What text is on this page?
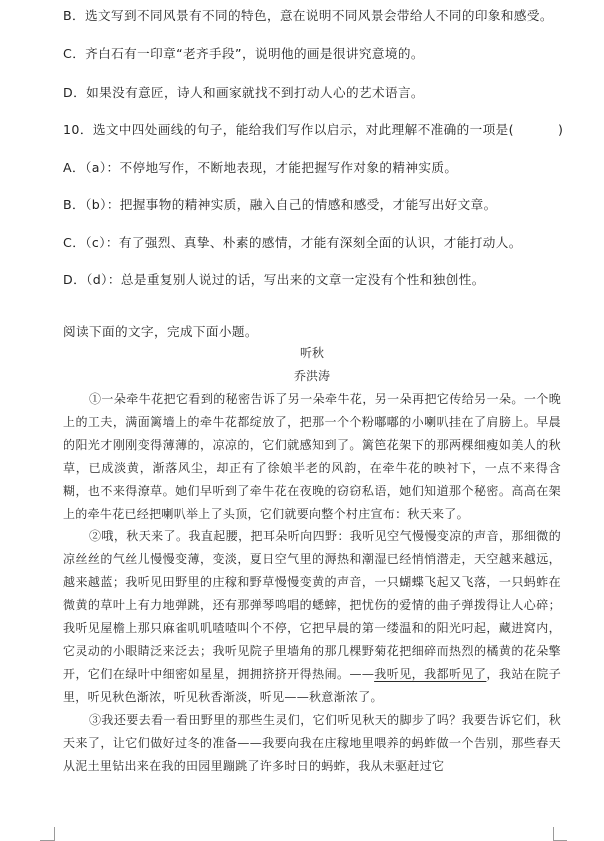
B．选文写到不同风景有不同的特色，意在说明不同风景会带给人不同的印象和感受。
C．齐白石有一印章“老齐手段”，说明他的画是很讲究意境的。
D．如果没有意匠，诗人和画家就找不到打动人心的艺术语言。
10．选文中四处画线的句子，能给我们写作以启示，对此理解不准确的一项是(	)
A．（a）：不停地写作，不断地表现，才能把握写作对象的精神实质。
B．（b）：把握事物的精神实质，融入自己的情感和感受，才能写出好文章。
C．（c）：有了强烈、真挚、朴素的感情，才能有深刻全面的认识，才能打动人。
D．（d）：总是重复别人说过的话，写出来的文章一定没有个性和独创性。
阅读下面的文字，完成下面小题。
听秋
乔洪涛

①一朵牵牛花把它看到的秘密告诉了另一朵牵牛花，另一朵再把它传给另一朵。一个晚上的工夫，满面篱墙上的牵牛花都绽放了，把那一个个粉嘟嘟的小喇叭挂在了肩膀上。早晨的阳光才刚刚变得薄薄的，凉凉的，它们就感知到了。篱笆花架下的那两棵细瘦如美人的秋草，已成淡黄，渐落风尘，却正有了徐娘半老的风韵，在牵牛花的映衬下，一点不来得含糊，也不来得潦草。她们早听到了牵牛花在夜晚的窃窃私语，她们知道那个秘密。高高在架上的牵牛花已经把喇叭举上了头顶，它们就要向整个村庄宣布：秋天来了。

②哦，秋天来了。我直起腰，把耳朵听向四野：我听见空气慢慢变凉的声音，那细微的凉丝丝的气丝儿慢慢变薄，变淡，夏日空气里的溽热和潮湿已经悄悄潜走，天空越来越远，越来越蓝；我听见田野里的庄稼和野草慢慢变黄的声音，一只蝴蝶飞起又飞落，一只蚂蚱在微黄的草叶上有力地弹跳，还有那弹琴鸣唱的蟋蟀，把忧伤的爱情的曲子弹拨得让人心碎；我听见屋檐上那只麻雀叽叽喳喳叫个不停，它把早晨的第一缕温和的阳光叼起，藏进窝内，它灵动的小眼睛泛来泛去；我听见院子里墙角的那几棵野菊花把细碎而热烈的橘黄的花朵擎开，它们在绿叶中细密如星星，拥拥挤挤开得热闹。——我听见，我都听见了，我站在院子里，听见秋色渐浓，听见秋香渐淡，听见——秋意渐浓了。

③我还要去看一看田野里的那些生灵们，它们听见秋天的脚步了吗？我要告诉它们，秋天来了，让它们做好过冬的准备——我要向我在庄稼地里喂养的蚂蚱做一个告别，那些春天从泥土里钻出来在我的田园里蹦跳了许多时日的蚂蚱，我从未驱赶过它
